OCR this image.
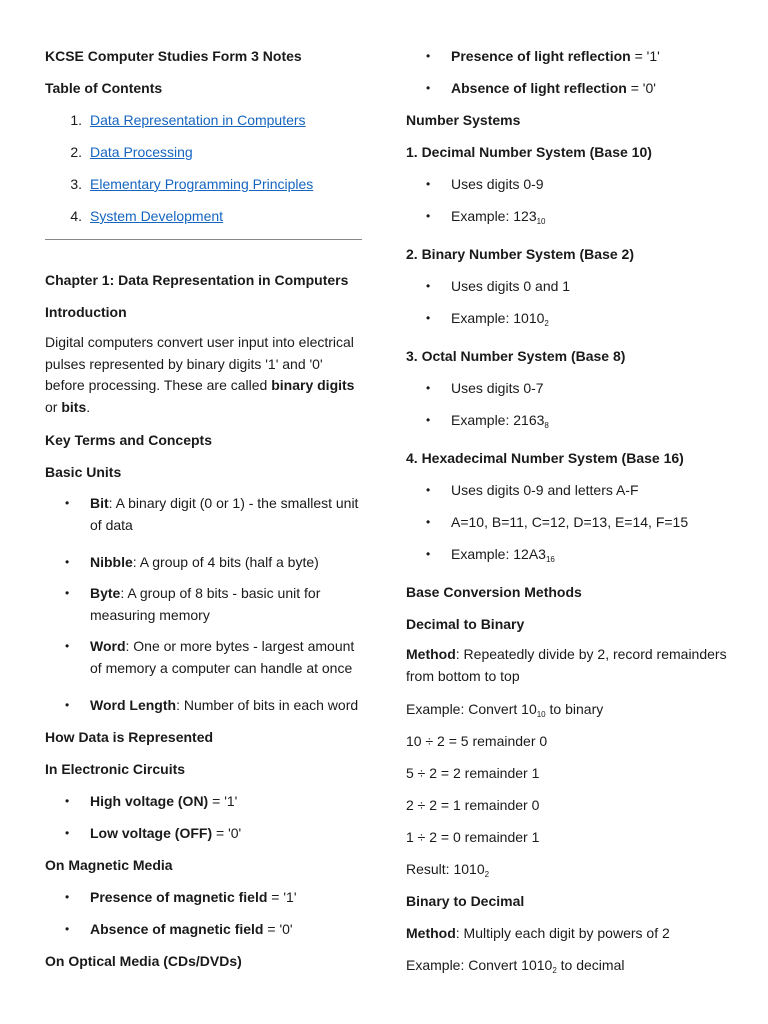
KCSE Computer Studies Form 3 Notes

Table of Contents

1. Data Representation in Computers
2. Data Processing
3. Elementary Programming Principles
4. System Development

Chapter 1: Data Representation in Computers

Introduction

Digital computers convert user input into electrical pulses represented by binary digits '1' and '0' before processing. These are called binary digits or bits.

Key Terms and Concepts

Basic Units

• Bit: A binary digit (0 or 1) - the smallest unit of data
• Nibble: A group of 4 bits (half a byte)
• Byte: A group of 8 bits - basic unit for measuring memory
• Word: One or more bytes - largest amount of memory a computer can handle at once
• Word Length: Number of bits in each word

How Data is Represented

In Electronic Circuits

• High voltage (ON) = '1'
• Low voltage (OFF) = '0'

On Magnetic Media

• Presence of magnetic field = '1'
• Absence of magnetic field = '0'

On Optical Media (CDs/DVDs)

• Presence of light reflection = '1'
• Absence of light reflection = '0'

Number Systems

1. Decimal Number System (Base 10)

• Uses digits 0-9
• Example: $123_{10}$

2. Binary Number System (Base 2)

• Uses digits 0 and 1
• Example: $1010_2$

3. Octal Number System (Base 8)

• Uses digits 0-7
• Example: $2163_8$

4. Hexadecimal Number System (Base 16)

• Uses digits 0-9 and letters A-F
• A=10, B=11, C=12, D=13, E=14, F=15
• Example: $12A3_{16}$

Base Conversion Methods

Decimal to Binary

Method: Repeatedly divide by 2, record remainders from bottom to top

Example: Convert $10_{10}$ to binary

10 ÷ 2 = 5 remainder 0

5 ÷ 2 = 2 remainder 1

2 ÷ 2 = 1 remainder 0

1 ÷ 2 = 0 remainder 1

Result: $1010_2$

Binary to Decimal

Method: Multiply each digit by powers of 2

Example: Convert $1010_2$ to decimal
